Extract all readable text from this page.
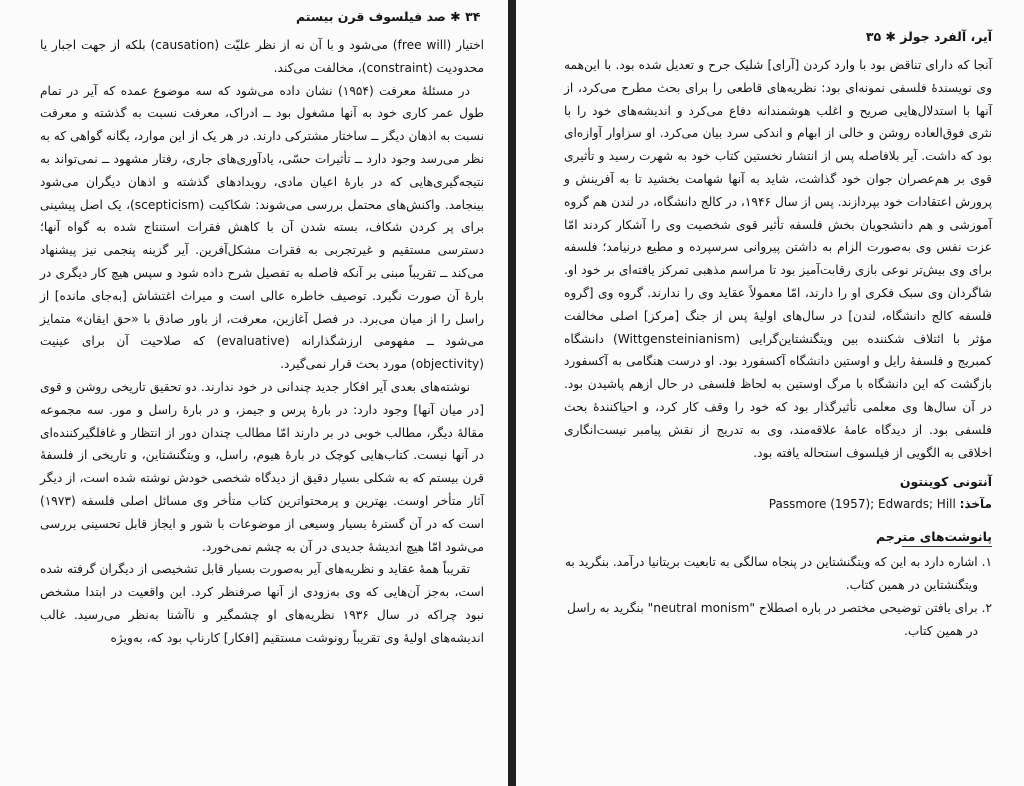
۳۴ ✱ صد فیلسوف قرن بیستم

اختیار (free will) می‌شود و با آن نه از نظر علیّت (causation) بلکه از جهت اجبار یا محدودیت (constraint)، مخالفت می‌کند.

در مسئلهٔ معرفت (۱۹۵۴) نشان داده می‌شود که سه موضوع عمده که آیر در تمام طول عمر کاری خود به آنها مشغول بود ــ ادراک، معرفت نسبت به گذشته و معرفت نسبت به اذهان دیگر ــ ساختار مشترکی دارند. در هر یک از این موارد، یگانه گواهی که به نظر می‌رسد وجود دارد ــ تأثیرات حسّی، یادآوری‌های جاری، رفتار مشهود ــ نمی‌تواند به نتیجه‌گیری‌هایی که در بارهٔ اعیان مادی، رویدادهای گذشته و اذهان دیگران می‌شود بینجامد. واکنش‌های محتمل بررسی می‌شوند: شکاکیت (scepticism)، یک اصل پیشینی برای پر کردن شکاف، بسته شدن آن با کاهش فقرات استنتاج شده به گواه آنها؛ دسترسی مستقیم و غیرتجربی به فقرات مشکل‌آفرین. آیر گزینه پنجمی نیز پیشنهاد می‌کند ــ تقریباً مبنی بر آنکه فاصله به تفصیل شرح داده شود و سپس هیچ کار دیگری در بارهٔ آن صورت نگیرد. توصیف خاطره عالی است و میراث اغتشاش [به‌جای مانده] از راسل را از میان می‌برد. در فصل آغازین، معرفت، از باور صادق با «حق ایقان» متمایز می‌شود ــ مفهومی ارزشگذارانه (evaluative) که صلاحیت آن برای عینیت (objectivity) مورد بحث قرار نمی‌گیرد.

نوشته‌های بعدی آیر افکار جدید چندانی در خود ندارند. دو تحقیق تاریخی روشن و قوی [در میان آنها] وجود دارد: در بارهٔ پرس و جیمز، و در بارهٔ راسل و مور. سه مجموعه مقالهٔ دیگر، مطالب خوبی در بر دارند امّا مطالب چندان دور از انتظار و غافلگیرکننده‌ای در آنها نیست. کتاب‌هایی کوچک در بارهٔ هیوم، راسل، و ویتگنشتاین، و تاریخی از فلسفهٔ قرن بیستم که به شکلی بسیار دقیق از دیدگاه شخصی خودش نوشته شده است، از دیگر آثار متأخر اوست. بهترین و پرمحتواترین کتاب متأخر وی مسائل اصلی فلسفه (۱۹۷۳) است که در آن گسترهٔ بسیار وسیعی از موضوعات با شور و ایجاز قابل تحسینی بررسی می‌شود امّا هیچ اندیشهٔ جدیدی در آن به چشم نمی‌خورد.

تقریباً همهٔ عقاید و نظریه‌های آیر به‌صورت بسیار قابل تشخیصی از دیگران گرفته شده است، به‌جز آن‌هایی که وی به‌زودی از آنها صرفنظر کرد. این واقعیت در ابتدا مشخص نبود چراکه در سال ۱۹۳۶ نظریه‌های او چشمگیر و ناآشنا به‌نظر می‌رسید. غالب اندیشه‌های اولیهٔ وی تقریباً رونوشت مستقیم [افکار] کارناپ بود که، به‌ویژه

آیر، آلفرد جولز ✱ ۳۵

آنجا که دارای تناقض بود با وارد کردن [آرای] شلیک جرح و تعدیل شده بود. با این‌همه وی نویسندهٔ فلسفی نمونه‌ای بود: نظریه‌های قاطعی را برای بحث مطرح می‌کرد، از آنها با استدلال‌هایی صریح و اغلب هوشمندانه دفاع می‌کرد و اندیشه‌های خود را با نثری فوق‌العاده روشن و خالی از ابهام و اندکی سرد بیان می‌کرد. او سزاوار آوازه‌ای بود که داشت. آیر بلافاصله پس از انتشار نخستین کتاب خود به شهرت رسید و تأثیری قوی بر هم‌عصران جوان خود گذاشت، شاید به آنها شهامت بخشید تا به آفرینش و پرورش اعتقادات خود بپردازند. پس از سال ۱۹۴۶، در کالج دانشگاه، در لندن هم گروه آموزشی و هم دانشجویان بخش فلسفه تأثیر قوی شخصیت وی را آشکار کردند امّا عزت نفس وی به‌صورت الزام به داشتن پیروانی سرسپرده و مطیع درنیامد؛ فلسفه برای وی بیش‌تر نوعی بازی رقابت‌آمیز بود تا مراسم مذهبی تمرکز یافته‌ای بر خود او. شاگردان وی سبک فکری او را دارند، امّا معمولاً عقاید وی را ندارند. گروه وی [گروه فلسفه کالج دانشگاه، لندن] در سال‌های اولیهٔ پس از جنگ [مرکز] اصلی مخالفت مؤثر با ائتلاف شکننده بین ویتگنشتاین‌گرایی (Wittgensteinianism) دانشگاه کمبریج و فلسفهٔ رایل و اوستین دانشگاه آکسفورد بود. او درست هنگامی به آکسفورد بازگشت که این دانشگاه با مرگ اوستین به لحاظ فلسفی در حال ازهم پاشیدن بود. در آن سال‌ها وی معلمی تأثیرگذار بود که خود را وقف کار کرد، و احیاکنندهٔ بحث فلسفی بود. از دیدگاه عامهٔ علاقه‌مند، وی به تدریج از نقش پیامبر نیست‌انگاری اخلاقی به الگویی از فیلسوف استحاله یافته بود.

آنتونی کوینتون
مآخذ: Passmore (1957); Edwards; Hill
پانوشت‌های مترجم

۱. اشاره دارد به این که ویتگنشتاین در پنجاه سالگی به تابعیت بریتانیا درآمد. بنگرید به ویتگنشتاین در همین کتاب.

۲. برای یافتن توضیحی مختصر در باره اصطلاح "neutral monism" بنگرید به راسل در همین کتاب.
